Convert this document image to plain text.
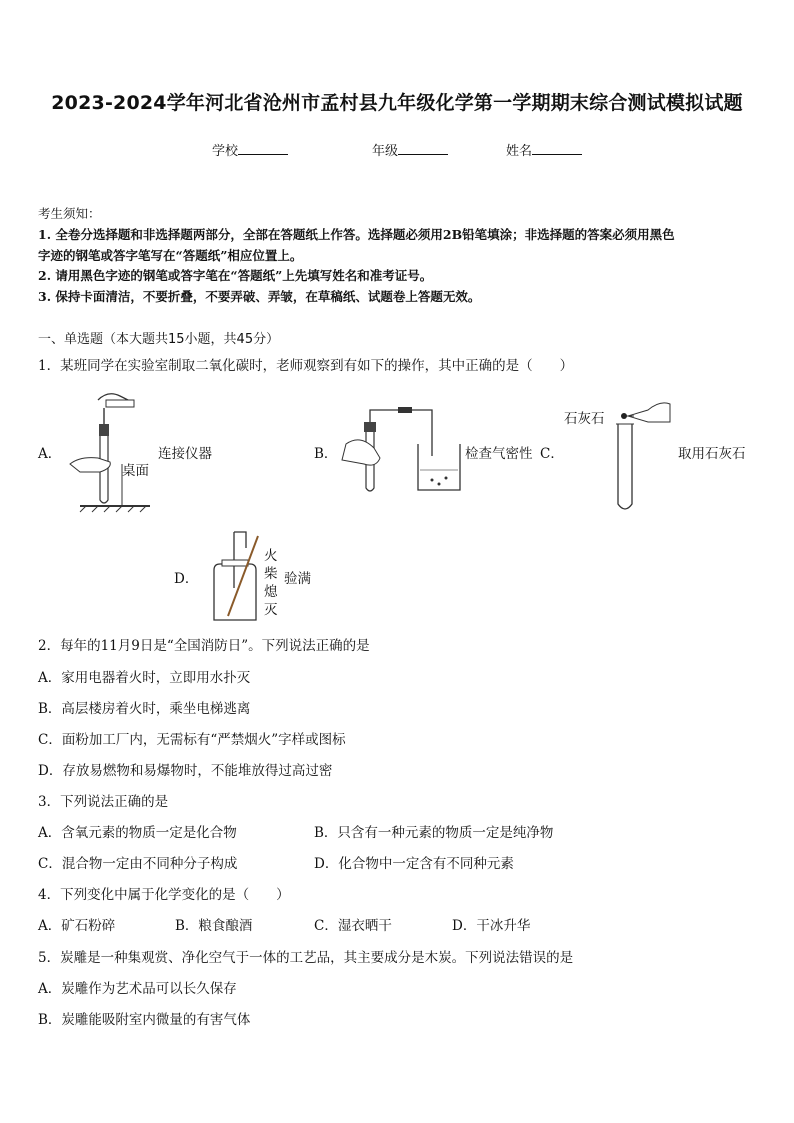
2023-2024学年河北省沧州市孟村县九年级化学第一学期期末综合测试模拟试题
学校	年级	姓名
考生须知：
1. 全卷分选择题和非选择题两部分，全部在答题纸上作答。选择题必须用2B铅笔填涂；非选择题的答案必须用黑色
字迹的钢笔或答字笔写在“答题纸”相应位置上。
2. 请用黑色字迹的钢笔或答字笔在“答题纸”上先填写姓名和准考证号。
3. 保持卡面清洁，不要折叠，不要弄破、弄皱，在草稿纸、试题卷上答题无效。
一、单选题（本大题共15小题，共45分）
1．某班同学在实验室制取二氧化碳时，老师观察到有如下的操作，其中正确的是（　　）
A．	连接仪器
桌面
B．	检查气密性 C．
石灰石
取用石灰石
D．
火
柴
熄
灭
验满
2．每年的11月9日是“全国消防日”。下列说法正确的是
A．家用电器着火时，立即用水扑灭
B．高层楼房着火时，乘坐电梯逃离
C．面粉加工厂内，无需标有“严禁烟火”字样或图标
D．存放易燃物和易爆物时，不能堆放得过高过密
3．下列说法正确的是
A．含氧元素的物质一定是化合物	B．只含有一种元素的物质一定是纯净物
C．混合物一定由不同种分子构成	D．化合物中一定含有不同种元素
4．下列变化中属于化学变化的是（　　）
A．矿石粉碎	B．粮食酿酒	C．湿衣晒干	D．干冰升华
5．炭雕是一种集观赏、净化空气于一体的工艺品，其主要成分是木炭。下列说法错误的是
A．炭雕作为艺术品可以长久保存
B．炭雕能吸附室内微量的有害气体
